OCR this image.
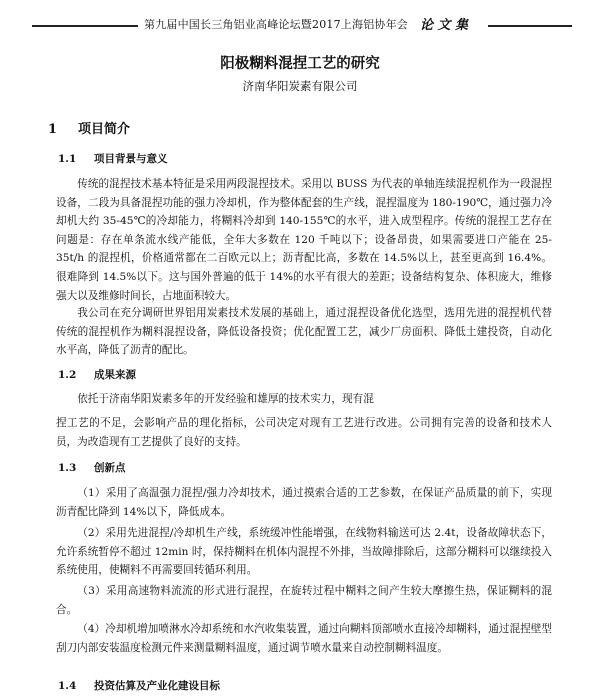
第九届中国长三角铝业高峰论坛暨2017上海铝协年会 论 文 集
阳极糊料混捏工艺的研究
济南华阳炭素有限公司
1 项目简介
1.1 项目背景与意义

传统的混捏技术基本特征是采用两段混捏技术。采用以 BUSS 为代表的单轴连续混捏机作为一段混捏设备，二段为具备混捏功能的强力冷却机，作为整体配套的生产线，混捏温度为 180-190℃，通过强力冷却机大约 35-45℃的冷却能力，将糊料冷却到 140-155℃的水平，进入成型程序。传统的混捏工艺存在问题是：存在单条流水线产能低，全年大多数在 120 千吨以下；设备昂贵，如果需要进口产能在 25-35t/h 的混捏机，价格通常都在二百欧元以上；沥青配比高，多数在 14.5%以上，甚至更高到 16.4%。很难降到 14.5%以下。这与国外普遍的低于 14%的水平有很大的差距；设备结构复杂、体积庞大，维修强大以及维修时间长，占地面积较大。

我公司在充分调研世界铝用炭素技术发展的基础上，通过混捏设备优化选型，选用先进的混捏机代替传统的混捏机作为糊料混捏设备，降低设备投资；优化配置工艺，减少厂房面积、降低土建投资，自动化水平高，降低了沥青的配比。

1.2 成果来源

依托于济南华阳炭素多年的开发经验和雄厚的技术实力，现有混

捏工艺的不足，会影响产品的理化指标，公司决定对现有工艺进行改进。公司拥有完善的设备和技术人员，为改造现有工艺提供了良好的支持。

1.3 创新点

（1）采用了高温强力混捏/强力冷却技术，通过摸索合适的工艺参数，在保证产品质量的前下，实现沥青配比降到 14%以下，降低成本。

（2）采用先进混捏/冷却机生产线，系统缓冲性能增强，在线物料输送可达 2.4t，设备故障状态下，允许系统暂停不超过 12min 时，保持糊料在机体内混捏不外排，当故障排除后，这部分糊料可以继续投入系统使用，使糊料不再需要回转循环利用。

（3）采用高速物料流流的形式进行混捏，在旋转过程中糊料之间产生较大摩擦生热，保证糊料的混合。

（4）冷却机增加喷淋水冷却系统和水汽收集装置，通过向糊料顶部喷水直接冷却糊料，通过混捏壁型刮刀内部安装温度检测元件来测量糊料温度，通过调节喷水量来自动控制糊料温度。

1.4 投资估算及产业化建设目标
